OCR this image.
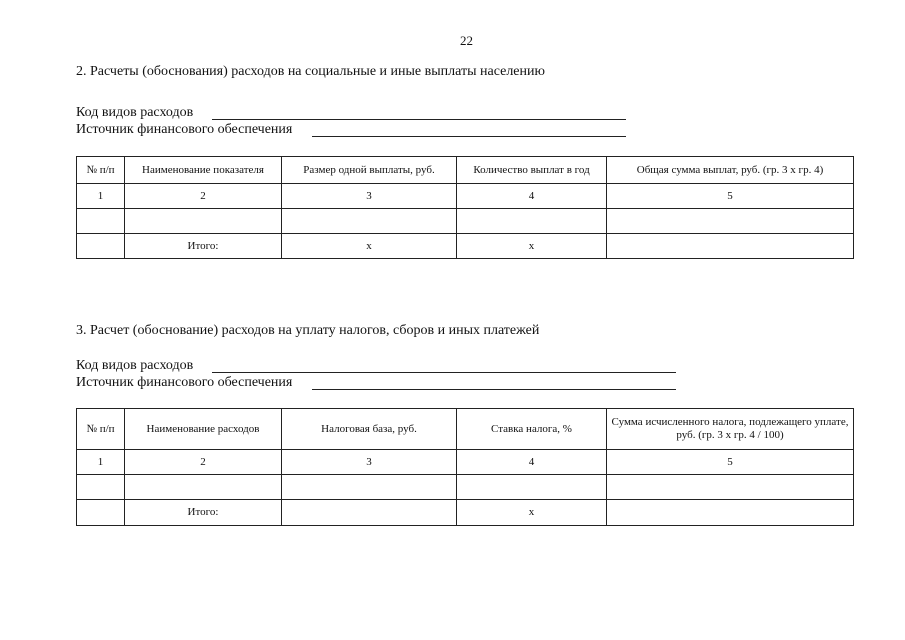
22
2. Расчеты (обоснования) расходов на социальные и иные выплаты населению
Код видов расходов
Источник финансового обеспечения
№ п/п	Наименование показателя	Размер одной выплаты, руб.	Количество выплат в год	Общая сумма выплат, руб. (гр. 3 х гр. 4)
1	2	3	4	5

	Итого:	х	х	
3. Расчет (обоснование) расходов на уплату налогов, сборов и иных платежей
Код видов расходов
Источник финансового обеспечения
№ п/п	Наименование расходов	Налоговая база, руб.	Ставка налога, %	Сумма исчисленного налога, подлежащего уплате, руб. (гр. 3 х гр. 4 / 100)
1	2	3	4	5

	Итого:		х	
